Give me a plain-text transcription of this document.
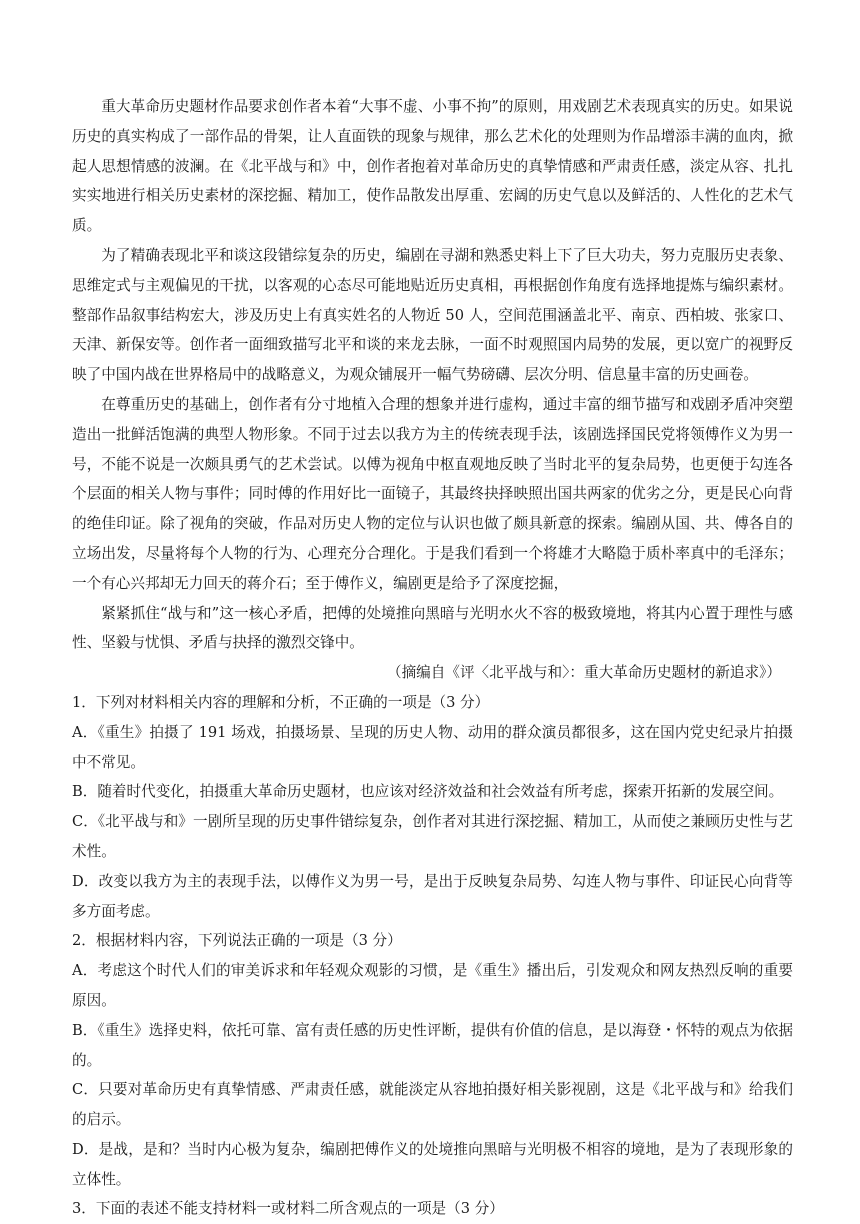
重大革命历史题材作品要求创作者本着“大事不虚、小事不拘”的原则，用戏剧艺术表现真实的历史。如果说历史的真实构成了一部作品的骨架，让人直面铁的现象与规律，那么艺术化的处理则为作品增添丰满的血肉，掀起人思想情感的波澜。在《北平战与和》中，创作者抱着对革命历史的真挚情感和严肃责任感，淡定从容、扎扎实实地进行相关历史素材的深挖掘、精加工，使作品散发出厚重、宏阔的历史气息以及鲜活的、人性化的艺术气质。

为了精确表现北平和谈这段错综复杂的历史，编剧在寻湖和熟悉史料上下了巨大功夫，努力克服历史表象、思维定式与主观偏见的干扰，以客观的心态尽可能地贴近历史真相，再根据创作角度有选择地提炼与编织素材。整部作品叙事结构宏大，涉及历史上有真实姓名的人物近 50 人，空间范围涵盖北平、南京、西柏坡、张家口、天津、新保安等。创作者一面细致描写北平和谈的来龙去脉，一面不时观照国内局势的发展，更以宽广的视野反映了中国内战在世界格局中的战略意义，为观众铺展开一幅气势磅礴、层次分明、信息量丰富的历史画卷。

在尊重历史的基础上，创作者有分寸地植入合理的想象并进行虚构，通过丰富的细节描写和戏剧矛盾冲突塑造出一批鲜活饱满的典型人物形象。不同于过去以我方为主的传统表现手法，该剧选择国民党将领傅作义为男一号，不能不说是一次颇具勇气的艺术尝试。以傅为视角中枢直观地反映了当时北平的复杂局势，也更便于勾连各个层面的相关人物与事件；同时傅的作用好比一面镜子，其最终抉择映照出国共两家的优劣之分，更是民心向背的绝佳印证。除了视角的突破，作品对历史人物的定位与认识也做了颇具新意的探索。编剧从国、共、傅各自的立场出发，尽量将每个人物的行为、心理充分合理化。于是我们看到一个将雄才大略隐于质朴率真中的毛泽东；一个有心兴邦却无力回天的蒋介石；至于傅作义，编剧更是给予了深度挖掘，

紧紧抓住“战与和”这一核心矛盾，把傅的处境推向黑暗与光明水火不容的极致境地，将其内心置于理性与感性、坚毅与忧惧、矛盾与抉择的激烈交锋中。

（摘编自《评〈北平战与和〉：重大革命历史题材的新追求》）

1．下列对材料相关内容的理解和分析，不正确的一项是（3 分）

A．《重生》拍摄了 191 场戏，拍摄场景、呈现的历史人物、动用的群众演员都很多，这在国内党史纪录片拍摄中不常见。

B．随着时代变化，拍摄重大革命历史题材，也应该对经济效益和社会效益有所考虑，探索开拓新的发展空间。

C．《北平战与和》一剧所呈现的历史事件错综复杂，创作者对其进行深挖掘、精加工，从而使之兼顾历史性与艺术性。

D．改变以我方为主的表现手法，以傅作义为男一号，是出于反映复杂局势、勾连人物与事件、印证民心向背等多方面考虑。

2．根据材料内容，下列说法正确的一项是（3 分）

A．考虑这个时代人们的审美诉求和年轻观众观影的习惯，是《重生》播出后，引发观众和网友热烈反响的重要原因。

B．《重生》选择史料，依托可靠、富有责任感的历史性评断，提供有价值的信息，是以海登・怀特的观点为依据的。

C．只要对革命历史有真挚情感、严肃责任感，就能淡定从容地拍摄好相关影视剧，这是《北平战与和》给我们的启示。

D．是战，是和？当时内心极为复杂，编剧把傅作义的处境推向黑暗与光明极不相容的境地，是为了表现形象的立体性。

3．下面的表述不能支持材料一或材料二所含观点的一项是（3 分）
